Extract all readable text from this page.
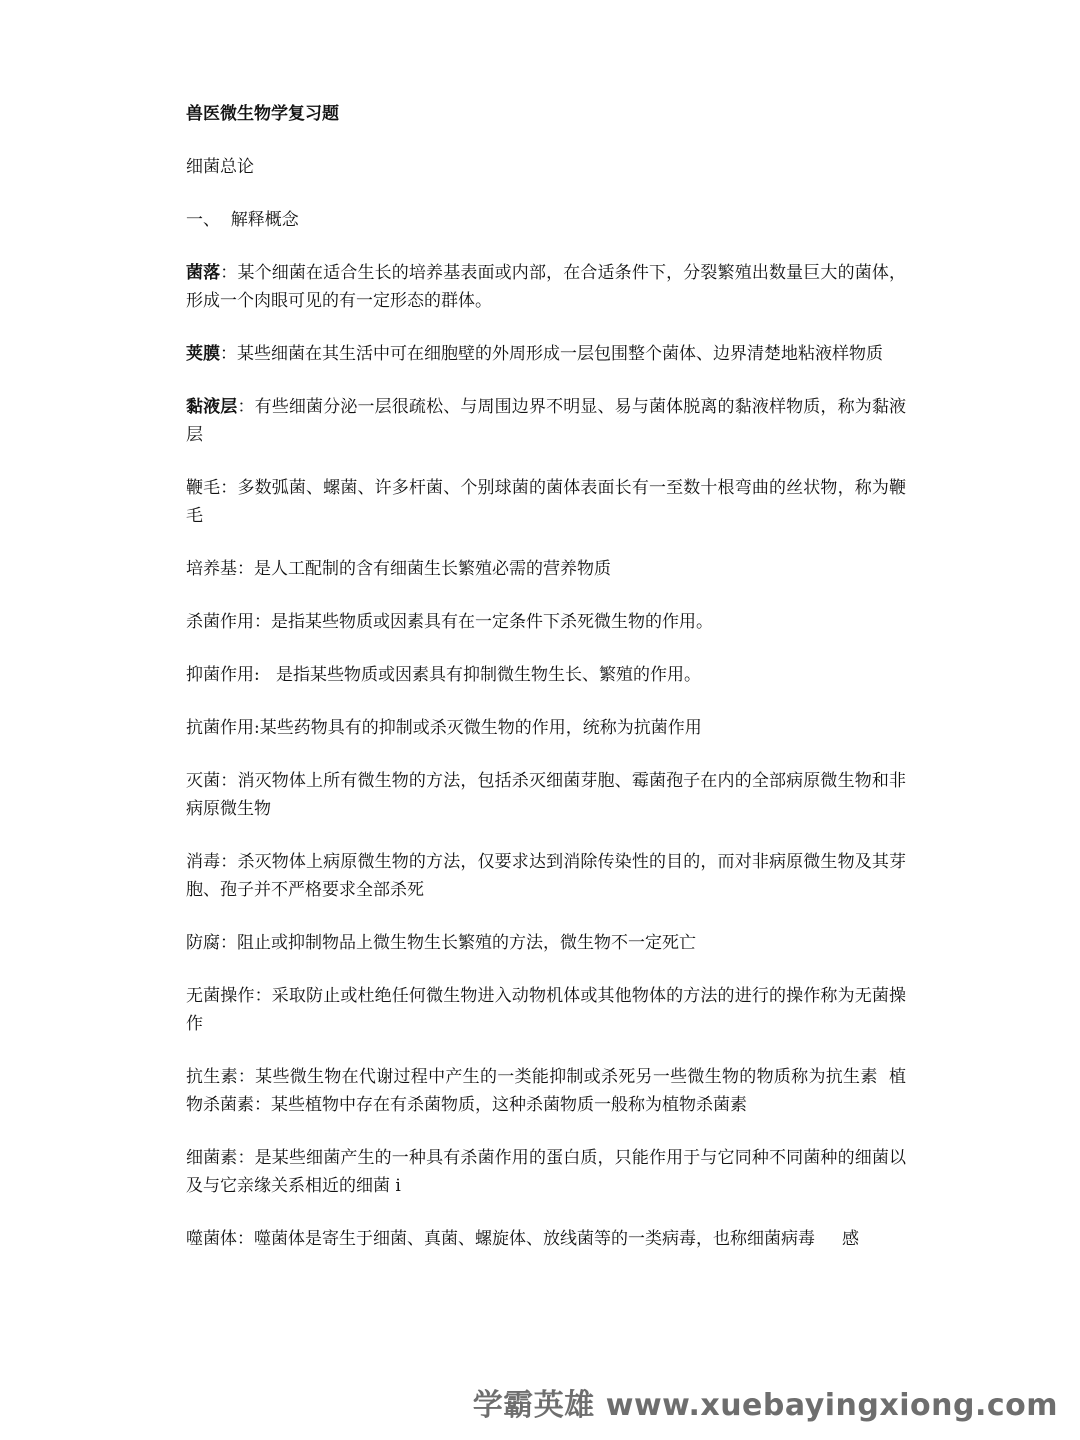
兽医微生物学复习题
细菌总论
一、  解释概念
菌落：某个细菌在适合生长的培养基表面或内部，在合适条件下，分裂繁殖出数量巨大的菌体，形成一个肉眼可见的有一定形态的群体。
荚膜：某些细菌在其生活中可在细胞壁的外周形成一层包围整个菌体、边界清楚地粘液样物质
黏液层：有些细菌分泌一层很疏松、与周围边界不明显、易与菌体脱离的黏液样物质，称为黏液层
鞭毛：多数弧菌、螺菌、许多杆菌、个别球菌的菌体表面长有一至数十根弯曲的丝状物，称为鞭毛
培养基：是人工配制的含有细菌生长繁殖必需的营养物质
杀菌作用：是指某些物质或因素具有在一定条件下杀死微生物的作用。
抑菌作用:   是指某些物质或因素具有抑制微生物生长、繁殖的作用。
抗菌作用:某些药物具有的抑制或杀灭微生物的作用，统称为抗菌作用
灭菌：消灭物体上所有微生物的方法，包括杀灭细菌芽胞、霉菌孢子在内的全部病原微生物和非病原微生物
消毒：杀灭物体上病原微生物的方法，仅要求达到消除传染性的目的，而对非病原微生物及其芽胞、孢子并不严格要求全部杀死
防腐：阻止或抑制物品上微生物生长繁殖的方法，微生物不一定死亡
无菌操作：采取防止或杜绝任何微生物进入动物机体或其他物体的方法的进行的操作称为无菌操作
抗生素：某些微生物在代谢过程中产生的一类能抑制或杀死另一些微生物的物质称为抗生素  植物杀菌素：某些植物中存在有杀菌物质，这种杀菌物质一般称为植物杀菌素
细菌素：是某些细菌产生的一种具有杀菌作用的蛋白质，只能作用于与它同种不同菌种的细菌以及与它亲缘关系相近的细菌 i
噬菌体：噬菌体是寄生于细菌、真菌、螺旋体、放线菌等的一类病毒，也称细菌病毒     感
学霸英雄 www.xuebayingxiong.com
